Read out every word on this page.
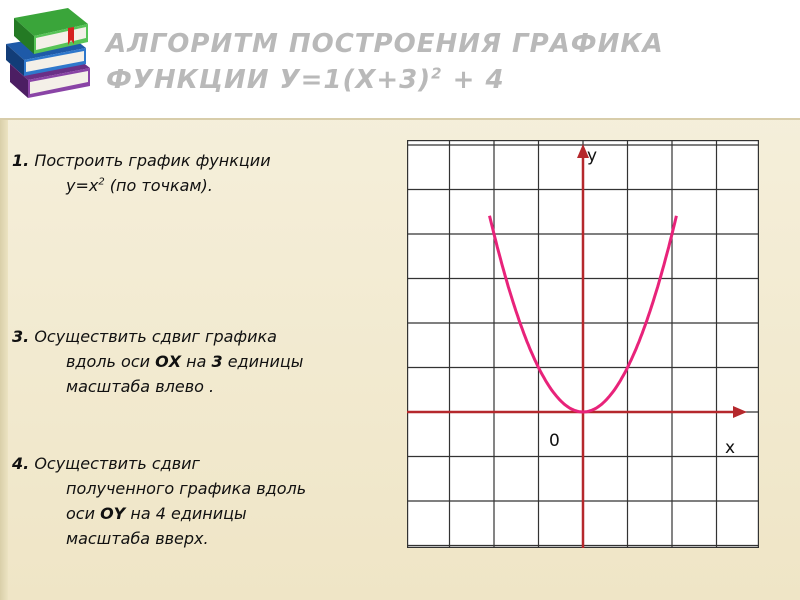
АЛГОРИТМ ПОСТРОЕНИЯ ГРАФИКА
ФУНКЦИИ $У=1(Х+3)^2 + 4$
1. Построить график функции
$у=х^2$ (по точкам).
3. Осуществить сдвиг графика
вдоль оси ОХ на 3 единицы
масштаба влево .
4. Осуществить сдвиг
полученного графика вдоль
оси ОY на 4 единицы
масштаба вверх.
у
х
0
